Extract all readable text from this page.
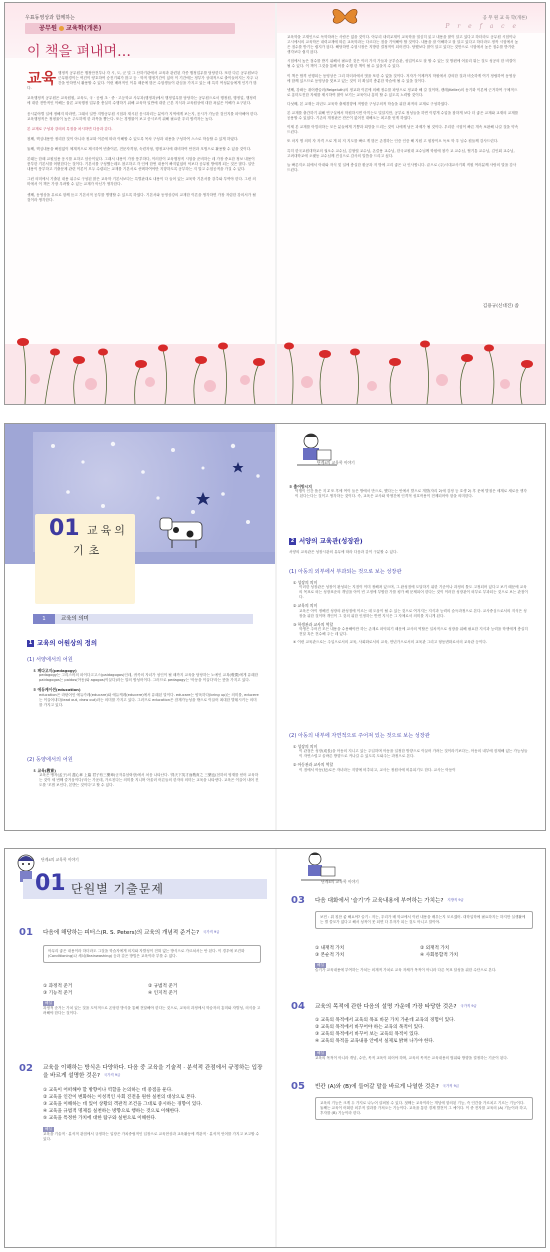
우표동영상과 함께하는
공무원 교육학(개론)
이 책을 펴내며…

교육 행정직 공무원은 행정안전부나 각 시, 도, 군 및 그 산하기관에서 교육과 관련된 각종 행정업무를 담당한다. 또한 다른 공무원보다 근무환경이는 여건이 양호하여 승진기회가 많고 등 · 학적 행정기간이 있어 이 기간에는 정부가 상대적으로 출이들어지는 자주 나간을 안하면서 활용할 수 있다. 이런 배려적인 이유 때문에 많은 수험생들이 관심을 가지고 있는 매 특히 여성분들에게 인기가 많다.

교육행정직 공무원은 교육원원, 교육도, 국 · 공립 초 · 중 · 고등학교 사무과(행정과)에서 행정업무를 담당하는 공무원으로서 행정원, 행정업, 행정력에 대한 전반적인 이해는 물론 교육행정 업무를 충실히 수행하기 위해 교육학 일반에 대한 근본 지식과 교육원상에 대한 폭넓은 이해가 요구된다.

응시분야별 일에 정해지 따라면, 그래서 일반 지방공무원 시험과 재시된 응시과리는 분야가 지역에게 보는지, 응시가 가능한 것인지를 파악해야 한다. 교육행정직은 정평율이 높은 주도하게 한 과목을 뽑는다. 또는 경쟁률이 보고 증시조직 위해 필요한 우리 합격자는 높다.

본 교재로 구성과 강의의 특징을 차시하면 다음과 같다.

첫째, 핵심내용만 정리한 것이 아니라 정교화 이론에 따라 이해할 수 있도록 목차 구성과 내용을 구성하여 스스로 학습할 수 있게 하였다.

둘째, 핵심내용을 빠짐없이 체계적으로 제시하여 빈출이론, 전문자격형, 숙련자형, 행정교사에 대비하여 안전과 모범으로 활용할 수 있을 것이다.

본래는 한때 교원임용 응시를 요하고 암송이었다. 그래서 내용이 가장 풍부하다, 이러한이 교육행정직 시험을 준비하는 데 가장 중요한 정보 내용이 풍부한 기본서를 어떤한다는 것이다. 기본서를 구성했는데도 참고하고 각 인에 한번 내용이 빠지없었어 억보다 공무원 방에게 되는 것은 많다. 일단 내용이 풍부하고 기출문제 관련 이론이 모두 수렴되는 교재를 기본서로 선택하여야만 지향하도록 공부하는 지 말고 수험공적을 가질 수 있다.

그런 의미에서 기출된 내용 위주로 구성된 많은 교육학 기본서보다는 특별판대로 내용이 다 들어 있는 교육학 기본서를 강추와 부여야 한다. 그런 의미에서 이 책은 가장 우려할 수 있는 교재가 아닌가 생각한다.

셋째, 동영상을 무료로 함께 듣고 기본서적 공부를 병행할 수 있도록 하였다. 기본서와 동영상강의 교재한 이론을 생각하면 가장 저렴한 강의서가 될 것이라 생각한다.

공 무 원 교 육 학(개론)
P r e f a c e

교육학을 고재인으로 독학하려는 사람은 없을 것이다. 아무리 내력교재이 교육학을 열심히 읽고 내용을 많이 알고 있다고 하더라도 공무원 시험이나 고시에서의 교육학은 내력교재에 따른 교육학과는 다르다는 점을 기억해야 할 것이다. 내용을 잘 이해하고 잘 알고 있다고 하더라도 정작 시험에서 높은 점수를 받기는 쉽지가 않다. 해당하면 수험시장은 지방한 결정적이 되어진다. 당했보다 많이 알고 있다는 것만으로 시험에서 높은 점수를 받기란 생각보다 쉽지 않다.

시험에서 높은 점수를 받기 위해서 필요한 것은 이러 가지 가들과 공부습관, 성업이로도 잘 할 수 있는 것 방편에 어울리 뭐는 것도 성공의 한 비결이 될 수 있다. 이 책이 그것을 통해 어를 수행 한 책이 될 수 있을지 수 있다.

이 책은 합격 선행되는 동영상은 그리 하더라에서 벗을 또한 수 없을 것이다. 저자가 이제까지 학원에서 강의한 것과 비슷하게 여기 정립하여 동영상에 함께 있으므로 동영상을 맛보고 있는 것이 더 확실히 충분한 학습에 될 수 있을 것이다.

넷째, 강좌는 퀴어캔슬러(Reigeluth)의 정교화 이론에 의해 정수를 파당으로 정교화 해 갈 것이며, 캔레(Keller)의 동기화 이론에 근거하여 구체적으로 흥미도진한 자세를 제시하여 많이 보기는 교육이나 흥미 할 수 있도록 노력할 것이다.

다섯째, 본 교재는 과년도 교육학 출제경향에 적합한 구성주의적 학습을 위한 최적의 교재로 구성하였다.

본 교재를 출간하기 위해 연구실에서 학원하시면 아끼는도 밀알지만, 공부로 정성들을 하면 이렇게 수업을 참하게 보다 더 좋은 교재와 교재의 교재를 공용할 수 있었다. 기존의 개정판은 잔은이 없어진 대해오는 최고를 얻게 하였다.

이제 본 교재를 아낌의하는 모든 분들에게 기쁨과 희망을 드리는 것이 나에게 남은 과제가 될 것이다. 우리한 시험이 빠른 개속 보완해 나갈 것을 약속드린다.

또 마지 명 의미 자 자격 으로 게 되 저 지도를 빠르 게 많은 존경하는 인증 인증 해 지원 고 원장이오 독보 학 우 님수 원들께 감사드린다.

특히 한국교원대학교의 권오수 교수님, 김형렬 교수님, 온즐용 교수님, 한국교원대 교수님께 학원에 참가 교 교수님, 협기통 교수님, 김인회 교수님, 고려대학교에 오랫동 교수님께 진심으로 감사의 말씀을 드리고 싶다.

늘 빠른지오 뒤에서 아내와 자식 및 일에 충실한 환공과 저 방에 고리 좋은 나 인사합니다. 끝으로 (주)시대교사기획 직원 여러분께 사랑의 말을 감사드린다.

김용규(신대진) 씀
01 교육의
기초
1	교육의 의미
1 교육의 어원상의 정의
(1) 서양에서의 어원
① 페다고지(pedagogy)
pedagogy는 그리스어의 파이다고고스(paidagogos)인데, 귀족의 자녀가 성인이 될 때까지 교육을 담당하는 노예인 교복(敎僕)에게 유래한 paidagogos는 paidos(아동)와 agogos(이끌다)라는 말의 합성어이다. 그러므로 pedagogy는 '아동을 이끌다'라는 뜻을 가지고 있다.
② 에듀케이션(education)
education은 라틴어인 에듀카레(educare)와 에듀케레(educere)에서 유래된 말이다. educare는 양육하다(bring up)는 의미를, educere는 이끌어내다(lead out, draw out)라는 의미를 가지고 있다. 그러므로 education은 잠재가능성을 밖으로 이끌어 최대한 발휘시키는 의미를 가지고 있다.
(2) 동양에서의 어원
① 교육(敎育)
교육은 맹자(孟子)의 盡心章 上篇 君子有三樂章(군자유삼락장)에서 처음 나타난다. '得天下英才而敎育之 三樂也(천하의 영재를 얻어 교육하는 것이 세 번째 즐거움이다)'라는 가운데, 가르친다는 의미를 지니며 아울러 어른들의 한자의 의미는 교육을 나타낸다. 교육은 이끌어 내어 진 도를 '모범 보인다, 본받는 것이다'고 할 수 있다.
단계4의 교육학 이야기
② 출어방시지
덕행이 인간 품은 지 Z 또 후에 여이 들은 방에서 만으로, 했다는는 안에서 발으로 개발(자리 2)에 감정 등 호생 2) 후 문에 발절은 세계로 새로운 생각이 된다는다는 것이고 생각하는 것이다. 즉, 교육은 교사와 학생간에 인격적 성호작용이 전제되어야 함을 의미한다.
2 서양의 교육관(성장관)
서양의 교육관은 성장시관의 유무에 따라 다음과 같이 구분할 수 있다.
(1) 아동의 외부에서 부과되는 것으로 보는 성장관
① 성장의 의미
이러한 성장관은 성장이 완성되는 지점이 이미 정해져 있으며, 그 완성점에 도달하기 위한 기준이나 과정의 틀도 고정되어 있다고 보기 때문에 교육의 목표로 외는 성장표준의 개념을 아이 빈 고정에 부합한 가를 평가 해 문제되어 한다는 것이 이러한 성장관이 외부로 부과되는 것으로 보는 관점이다.
② 교육의 의미
교육은 아이 정해진 성장의 완성점에 이르는 데 도움이 될 수 있는 것으로 여겨지는 지식과 능력의 습득과정으로 본다. 교사중심으로서의 지식은 성장을 위한 것이며 개인이 그 것의 위한 인정하는 반면 지식은 그 자체로서 의미를 지니게 된다.
③ 학생관과 교사의 역할
학생은 주어진 모든 내용을 수용해야만 하는 존재로 파악되기 때문에 교사의 역할은 일차적으로 성장을 위해 필요한 지식과 능력을 학생에게 충실히 전달 혹은 전수해 주는 데 있다.
④ 이런 교육관으로는 주입으로서의 교육, 사회화로서의 교육, 만년가으로서의 교육관 그리고 형동변화로서의 교육관 등이다.
(2) 아동의 내부에 자연적으로 주어져 있는 것으로 보는 성장관
① 성장의 의미
이 관점은 성장(成長)을 아동의 지니고 있는 주입하며 아동을 일정한 방향으로 이끌어 가려는 것이라기보다는, 아동의 내부에 잠재해 있는 가능성들이 자연스럽고 올바른 방향으로 커나갈 수 있도록 도와주는 과정으로 본다.
② 아동관과 교사의 역할
이 점에서 아동(兒)로은 자녀라는 지향에 비추되고, 교사는 정원사에 비유되기도 한다. 교사는 아동이
단계4의 교육학 이야기
01 단원별 기출문제
01 다음에 해당하는 피터스(R. S. Peters)의 교육의 개념적 준거는? 국가직 9급
아무리 좋은 내용이라 하더라도 그것을 학습자에게 의지와 자발성이 전혀 없는 방식으로 가르쳐서는 안 된다. 이 경우에 조건화(Conditioning)나 세뇌(Brainwashing) 등과 같은 방법은 교육이라 부를 수 없다.
① 과정적 준거	② 규범적 준거
③ 기능적 준거	④ 인지적 준거
해설
과정적 준거는 가치 있는 것을 도덕적으로 온당한 방식을 통해 전달해야 한다는 것으로, 교육의 과정에서 학습자의 흥미와 자발성, 의식을 고려해야 한다는 것이다.
02 교육을 이해하는 방식은 다양하다. 다음 중 교육을 기술적 · 분석적 관점에서 규정하는 입장을 바르게 설명한 것은? 국가직 9급
① 교육이 어떠해야 할 방향이나 역할을 논의하는 데 중점을 둔다.
② 교육을 인간이 변화하는 이성적인 사회 진전을 원한 실천의 대상으로 본다.
③ 교육을 이해하는 데 있어 상황의 객관적 조건을 그대로 중시하는 경향이 있다.
④ 교육을 규범적 명제를 실천하는 방향으로 행하는 것으로 이해한다.
⑤ 교육을 특정한 가치에 대한 탐구와 실현으로 이해한다.
해설
교육을 기술적 · 분석적 관점에서 규정하는 입장은 가치중립적인 입장으로 교육현상과 교육활동에 객관적 · 분석적 언어를 가지고 보고할 수 있다.
단계4의 교육학 이야기
03 다음 대화에서 '슬기'가 교육내용에 부여하는 가치는? 지방직 9급
보민 : 뭐 칭찬 좋 해요야? 슬기 : 저는, 우리가 배 학교에서 이런 내용을 배우는지 모르겠어. 대학입학에 필요하지는 하지만 실생활에는 별 쓸모가 없다고 해서 성적이 못 되면 다 부자가 되는 것도 아니고 말이야.
① 내재적 가치	② 외재적 가치
③ 본순적 가치	④ 사회통합적 가치
해설
슬기가 교육내용에 부여하는 가치는 외재적 가치로 교육 자체가 목적이 아니라 다른 목표 달성을 위한 수단으로 본다.
04 교육의 목적에 관한 다음의 설명 가운데 가장 타당한 것은? 국가직 9급
① 교육의 목적에서 교육의 목표 바꾼 가치 가운데 교육의 경험이 있다.
② 교육의 목적에서 바꾸어야 하는 교육의 목적이 있다.
③ 교육의 목적에서 바꾸어 보는 교육의 목적이 있다.
④ 교육의 목적을 교육내용 안에서 실제로 밝혀 나가야 한다.
해설
교육의 목적이 아니라 개념, 수단, 목적 교육이 되어야 하며, 교육의 목적은 교육내용의 범위와 방향을 결정하는 기준이 된다.
05 빈칸 (A)와 (B)에 들어갈 말을 바르게 나열한 것은? 국가직 9급
교육의 기능은 크게 두 가지로 나누어 살펴볼 수 있다. 첫째는 교육이라는 개념에 함의된 기능, 즉 인간을 가르치고 기르는 기능이다. 둘째는 교육이 어떠한 외부적 결과를 가져오는 기능이다. 교육을 통한 경제 발전이 그 예이다. 이 중 전자를 교육의 (A) 기능이라 하고, 후자를 (B) 기능이라 한다.
